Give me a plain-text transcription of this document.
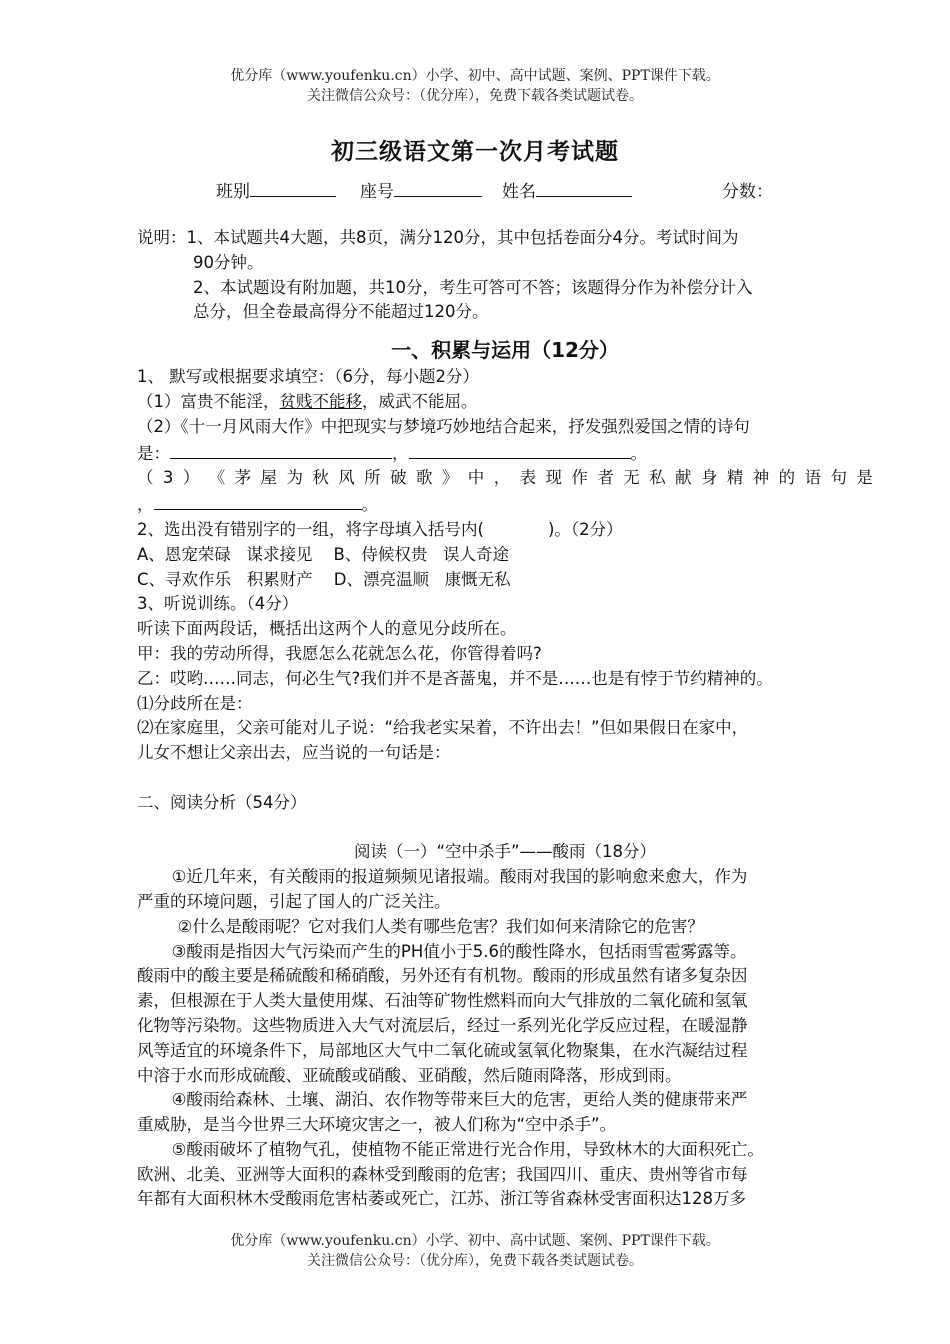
优分库（www.youfenku.cn）小学、初中、高中试题、案例、PPT课件下载。
关注微信公众号：（优分库），免费下载各类试题试卷。
初三级语文第一次月考试题
班别	座号	姓名	分数：

说明：1、本试题共4大题，共8页，满分120分，其中包括卷面分4分。考试时间为

90分钟。

2、本试题设有附加题，共10分，考生可答可不答；该题得分作为补偿分计入

总分，但全卷最高得分不能超过120分。

一、积累与运用（12分）

1、 默写或根据要求填空：（6分，每小题2分）

（1）富贵不能淫，贫贱不能移，威武不能屈。

（2）《十一月风雨大作》中把现实与梦境巧妙地结合起来，抒发强烈爱国之情的诗句

是：	，	。

（ 3 ） 《 茅 屋 为 秋 风 所 破 歌 》 中 ， 表 现 作 者 无 私 献 身 精 神 的 语 句 是

，	。

2、选出没有错别字的一组，将字母填入括号内(	)。（2分）

A、恩宠荣碌   谋求接见    B、侍候权贵   误人奇途

C、寻欢作乐   积累财产    D、漂亮温顺   康慨无私

3、听说训练。（4分）

听读下面两段话，概括出这两个人的意见分歧所在。

甲：我的劳动所得，我愿怎么花就怎么花，你管得着吗?

乙：哎哟……同志，何必生气?我们并不是吝蔷鬼，并不是……也是有悖于节约精神的。

⑴分歧所在是：

⑵在家庭里，父亲可能对儿子说：“给我老实呆着，不许出去！”但如果假日在家中，

儿女不想让父亲出去，应当说的一句话是：

二、阅读分析（54分）

阅读（一）“空中杀手”——酸雨（18分）

①近几年来，有关酸雨的报道频频见诸报端。酸雨对我国的影响愈来愈大，作为

严重的环境问题，引起了国人的广泛关注。

②什么是酸雨呢？它对我们人类有哪些危害？我们如何来清除它的危害？

③酸雨是指因大气污染而产生的PH值小于5.6的酸性降水，包括雨雪雹雾露等。

酸雨中的酸主要是稀硫酸和稀硝酸，另外还有有机物。酸雨的形成虽然有诸多复杂因

素，但根源在于人类大量使用煤、石油等矿物性燃料而向大气排放的二氧化硫和氢氧

化物等污染物。这些物质进入大气对流层后，经过一系列光化学反应过程，在暖湿静

风等适宜的环境条件下，局部地区大气中二氧化硫或氢氧化物聚集，在水汽凝结过程

中溶于水而形成硫酸、亚硫酸或硝酸、亚硝酸，然后随雨降落，形成到雨。

④酸雨给森林、土壤、湖泊、农作物等带来巨大的危害，更给人类的健康带来严

重威胁，是当今世界三大环境灾害之一，被人们称为“空中杀手”。

⑤酸雨破坏了植物气孔，使植物不能正常进行光合作用，导致林木的大面积死亡。

欧洲、北美、亚洲等大面积的森林受到酸雨的危害；我国四川、重庆、贵州等省市每

年都有大面积林木受酸雨危害枯萎或死亡，江苏、浙江等省森林受害面积达128万多

优分库（www.youfenku.cn）小学、初中、高中试题、案例、PPT课件下载。
关注微信公众号：（优分库），免费下载各类试题试卷。
